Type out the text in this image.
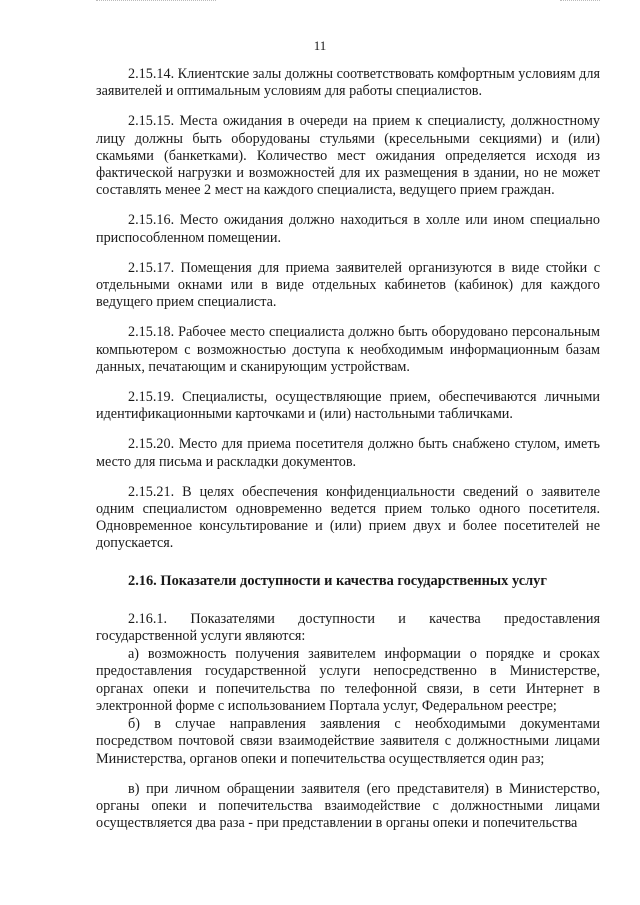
11

2.15.14. Клиентские залы должны соответствовать комфортным условиям для заявителей и оптимальным условиям для работы специалистов.

2.15.15. Места ожидания в очереди на прием к специалисту, должностному лицу должны быть оборудованы стульями (кресельными секциями) и (или) скамьями (банкетками). Количество мест ожидания определяется исходя из фактической нагрузки и возможностей для их размещения в здании, но не может составлять менее 2 мест на каждого специалиста, ведущего прием граждан.

2.15.16. Место ожидания должно находиться в холле или ином специально приспособленном помещении.

2.15.17. Помещения для приема заявителей организуются в виде стойки с отдельными окнами или в виде отдельных кабинетов (кабинок) для каждого ведущего прием специалиста.

2.15.18. Рабочее место специалиста должно быть оборудовано персональным компьютером с возможностью доступа к необходимым информационным базам данных, печатающим и сканирующим устройствам.

2.15.19. Специалисты, осуществляющие прием, обеспечиваются личными идентификационными карточками и (или) настольными табличками.

2.15.20. Место для приема посетителя должно быть снабжено стулом, иметь место для письма и раскладки документов.

2.15.21. В целях обеспечения конфиденциальности сведений о заявителе одним специалистом одновременно ведется прием только одного посетителя. Одновременное консультирование и (или) прием двух и более посетителей не допускается.

2.16. Показатели доступности и качества государственных услуг

2.16.1. Показателями доступности и качества предоставления государственной услуги являются:

а) возможность получения заявителем информации о порядке и сроках предоставления государственной услуги непосредственно в Министерстве, органах опеки и попечительства по телефонной связи, в сети Интернет в электронной форме с использованием Портала услуг, Федеральном реестре;

б) в случае направления заявления с необходимыми документами посредством почтовой связи взаимодействие заявителя с должностными лицами Министерства, органов опеки и попечительства осуществляется один раз;

в) при личном обращении заявителя (его представителя) в Министерство, органы опеки и попечительства взаимодействие с должностными лицами осуществляется два раза - при представлении в органы опеки и попечительства
